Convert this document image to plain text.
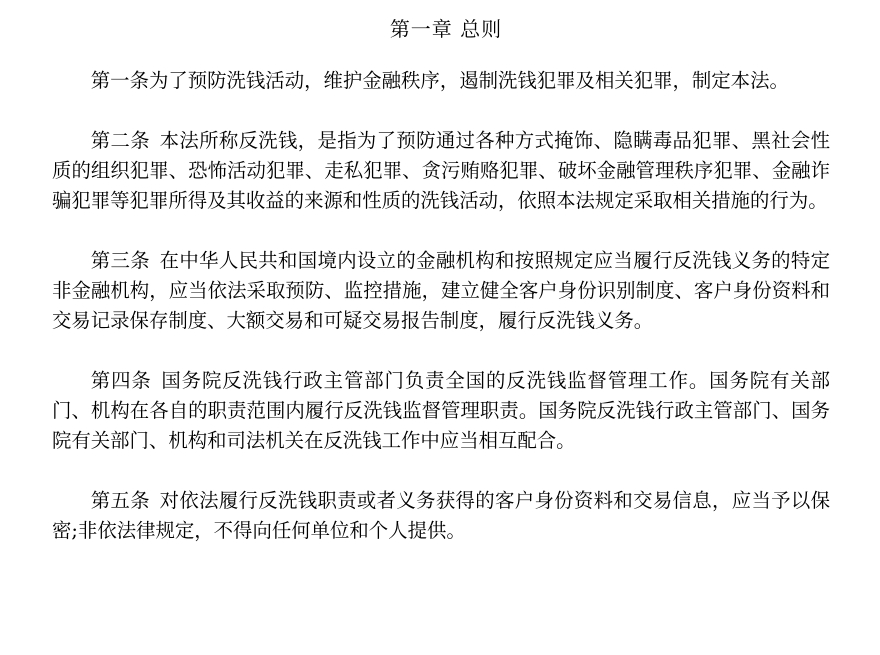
第一章 总则

第一条为了预防洗钱活动，维护金融秩序，遏制洗钱犯罪及相关犯罪，制定本法。

第二条 本法所称反洗钱，是指为了预防通过各种方式掩饰、隐瞒毒品犯罪、黑社会性质的组织犯罪、恐怖活动犯罪、走私犯罪、贪污贿赂犯罪、破坏金融管理秩序犯罪、金融诈骗犯罪等犯罪所得及其收益的来源和性质的洗钱活动，依照本法规定采取相关措施的行为。

第三条 在中华人民共和国境内设立的金融机构和按照规定应当履行反洗钱义务的特定非金融机构，应当依法采取预防、监控措施，建立健全客户身份识别制度、客户身份资料和交易记录保存制度、大额交易和可疑交易报告制度，履行反洗钱义务。

第四条 国务院反洗钱行政主管部门负责全国的反洗钱监督管理工作。国务院有关部门、机构在各自的职责范围内履行反洗钱监督管理职责。国务院反洗钱行政主管部门、国务院有关部门、机构和司法机关在反洗钱工作中应当相互配合。

第五条 对依法履行反洗钱职责或者义务获得的客户身份资料和交易信息，应当予以保密;非依法律规定，不得向任何单位和个人提供。
